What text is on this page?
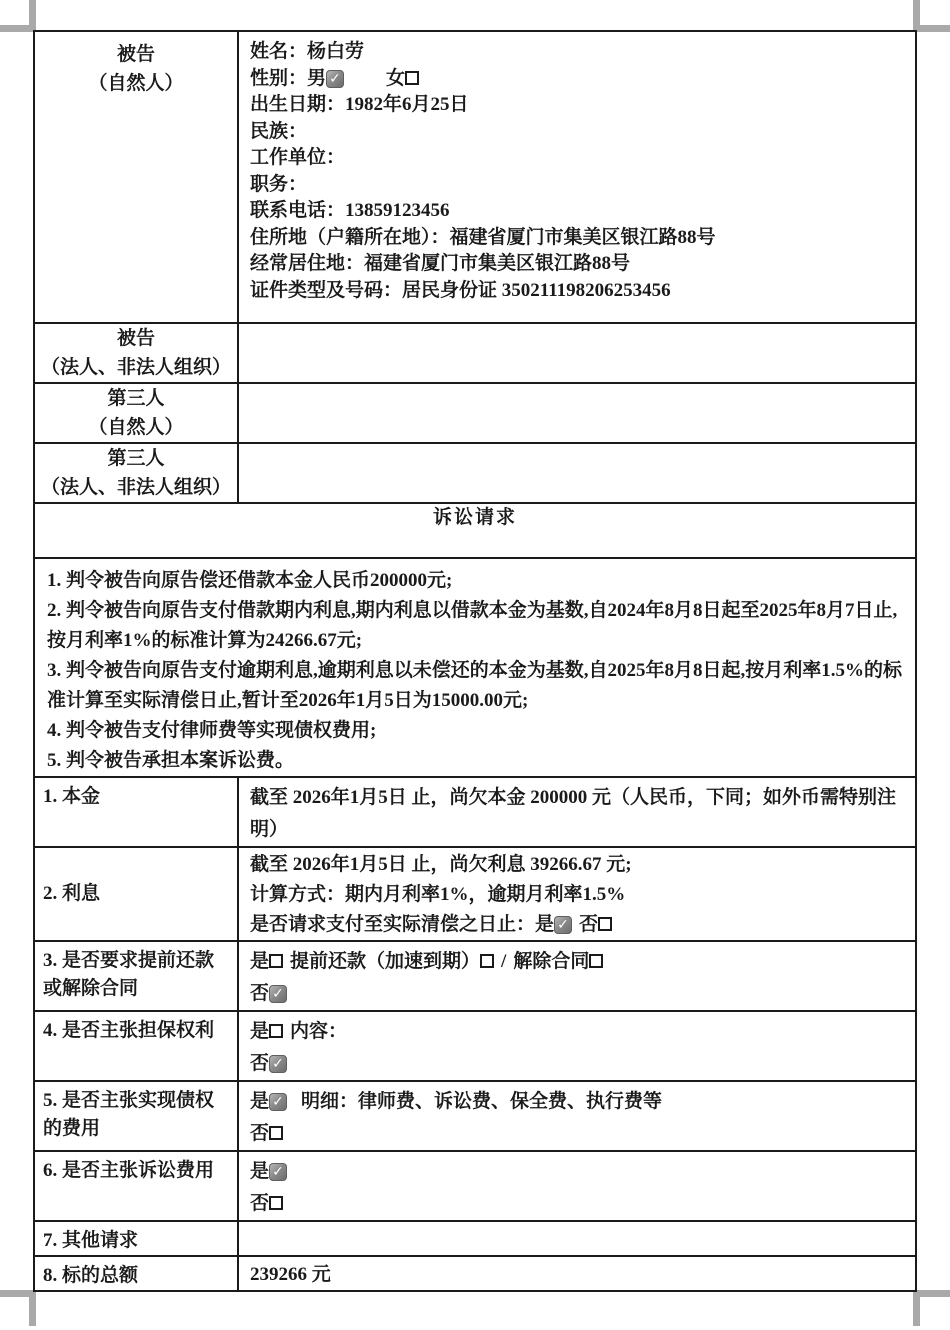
被告
（自然人）

姓名：杨白劳
性别：男 ✓ 女
出生日期：1982年6月25日
民族：
工作单位：
职务：
联系电话：13859123456
住所地（户籍所在地）：福建省厦门市集美区银江路88号
经常居住地：福建省厦门市集美区银江路88号
证件类型及号码：居民身份证 350211198206253456

被告
（法人、非法人组织）	

第三人
（自然人）	

第三人
（法人、非法人组织）	

诉讼请求	

1. 判令被告向原告偿还借款本金人民币200000元;
2. 判令被告向原告支付借款期内利息,期内利息以借款本金为基数,自2024年8月8日起至2025年8月7日止,按月利率1%的标准计算为24266.67元;
3. 判令被告向原告支付逾期利息,逾期利息以未偿还的本金为基数,自2025年8月8日起,按月利率1.5%的标准计算至实际清偿日止,暂计至2026年1月5日为15000.00元;
4. 判令被告支付律师费等实现债权费用;
5. 判令被告承担本案诉讼费。	

1. 本金	截至 2026年1月5日 止，尚欠本金 200000 元（人民币，下同；如外币需特别注明）

2. 利息	截至 2026年1月5日 止，尚欠利息 39266.67 元;
计算方式：期内月利率1%，逾期月利率1.5%
是否请求支付至实际清偿之日止：是 ✓ 否

3. 是否要求提前还款或解除合同	是 提前还款（加速到期） / 解除合同
否 ✓

4. 是否主张担保权利	是 内容：
否 ✓

5. 是否主张实现债权的费用	是 ✓ 明细：律师费、诉讼费、保全费、执行费等
否

6. 是否主张诉讼费用	是 ✓
否

7. 其他请求	
8. 标的总额	239266 元
